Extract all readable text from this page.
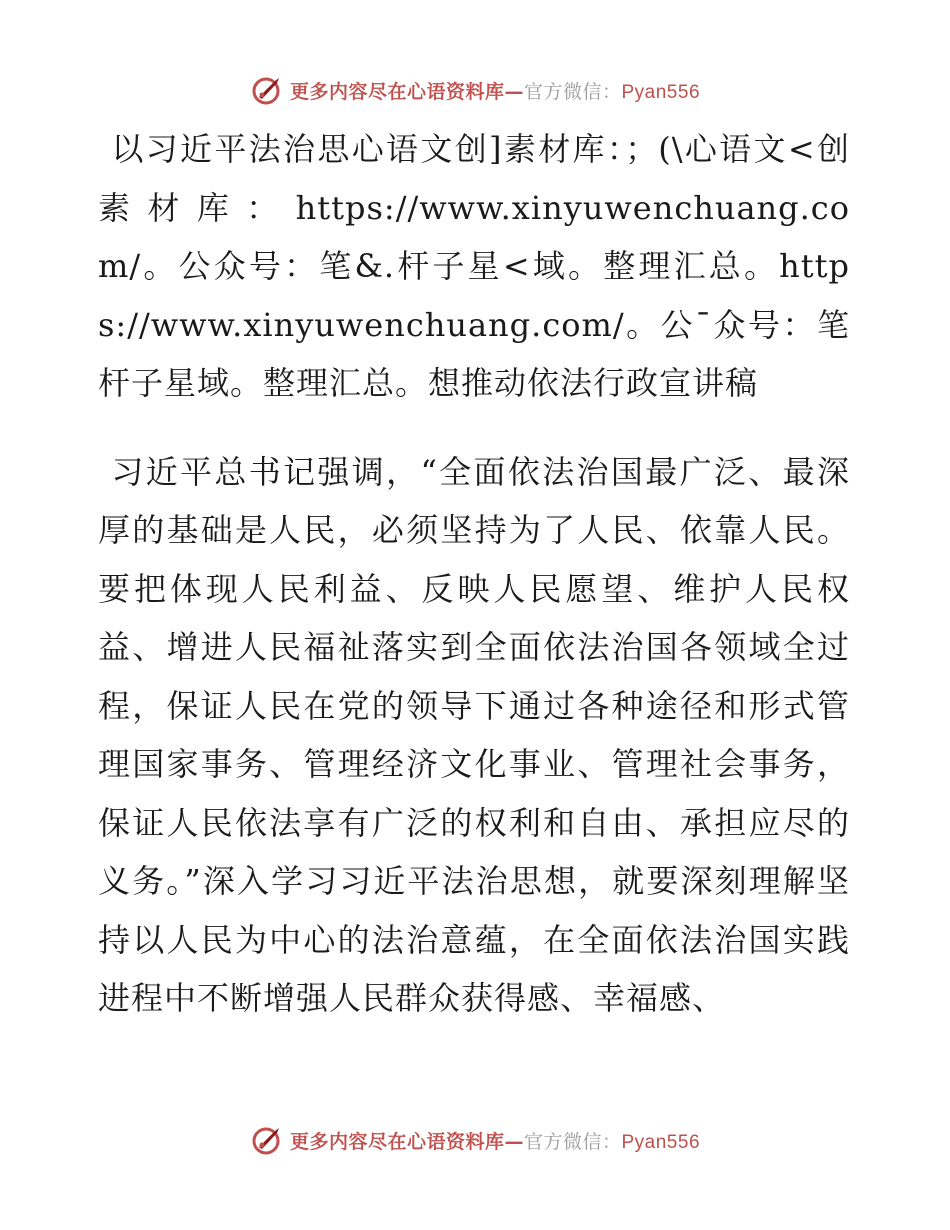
更多内容尽在心语资料库—官方微信：Pyan556

以习近平法治思心语文创]素材库：；(\心语文<创素材库：https://www.xinyuwenchuang.com/。公众号：笔&.杆子星<域。整理汇总。https://www.xinyuwenchuang.com/。公¯众号：笔杆子星域。整理汇总。想推动依法行政宣讲稿

习近平总书记强调，“全面依法治国最广泛、最深厚的基础是人民，必须坚持为了人民、依靠人民。要把体现人民利益、反映人民愿望、维护人民权益、增进人民福祉落实到全面依法治国各领域全过程，保证人民在党的领导下通过各种途径和形式管理国家事务、管理经济文化事业、管理社会事务，保证人民依法享有广泛的权利和自由、承担应尽的义务。”深入学习习近平法治思想，就要深刻理解坚持以人民为中心的法治意蕴，在全面依法治国实践进程中不断增强人民群众获得感、幸福感、

更多内容尽在心语资料库—官方微信：Pyan556
